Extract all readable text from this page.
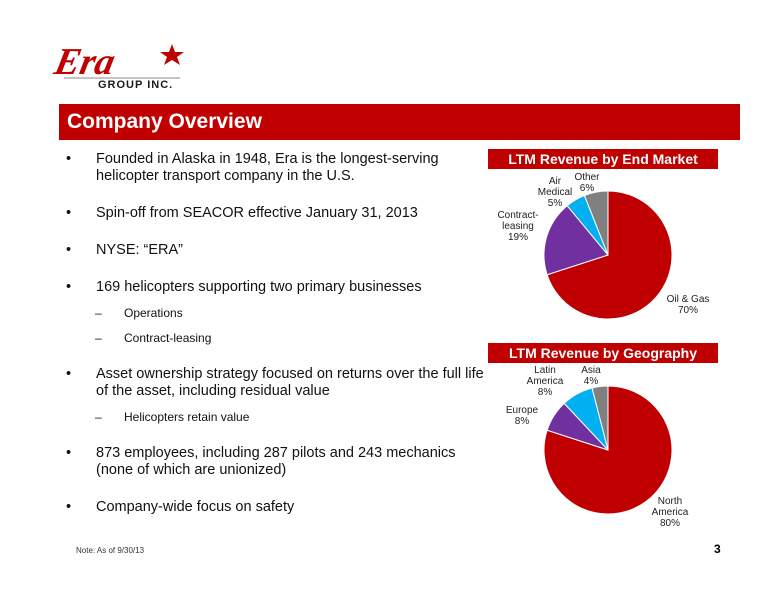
Era
GROUP INC.
Company Overview
• Founded in Alaska in 1948, Era is the longest-serving helicopter transport company in the U.S.
• Spin-off from SEACOR effective January 31, 2013
• NYSE: “ERA”
• 169 helicopters supporting two primary businesses
– Operations
– Contract-leasing
• Asset ownership strategy focused on returns over the full life of the asset, including residual value
– Helicopters retain value
• 873 employees, including 287 pilots and 243 mechanics (none of which are unionized)
• Company-wide focus on safety
LTM Revenue by End Market
Oil & Gas 70%
Contract-leasing 19%
Air Medical 5%
Other 6%
LTM Revenue by Geography
North America 80%
Europe 8%
Latin America 8%
Asia 4%
Note: As of 9/30/13	3
